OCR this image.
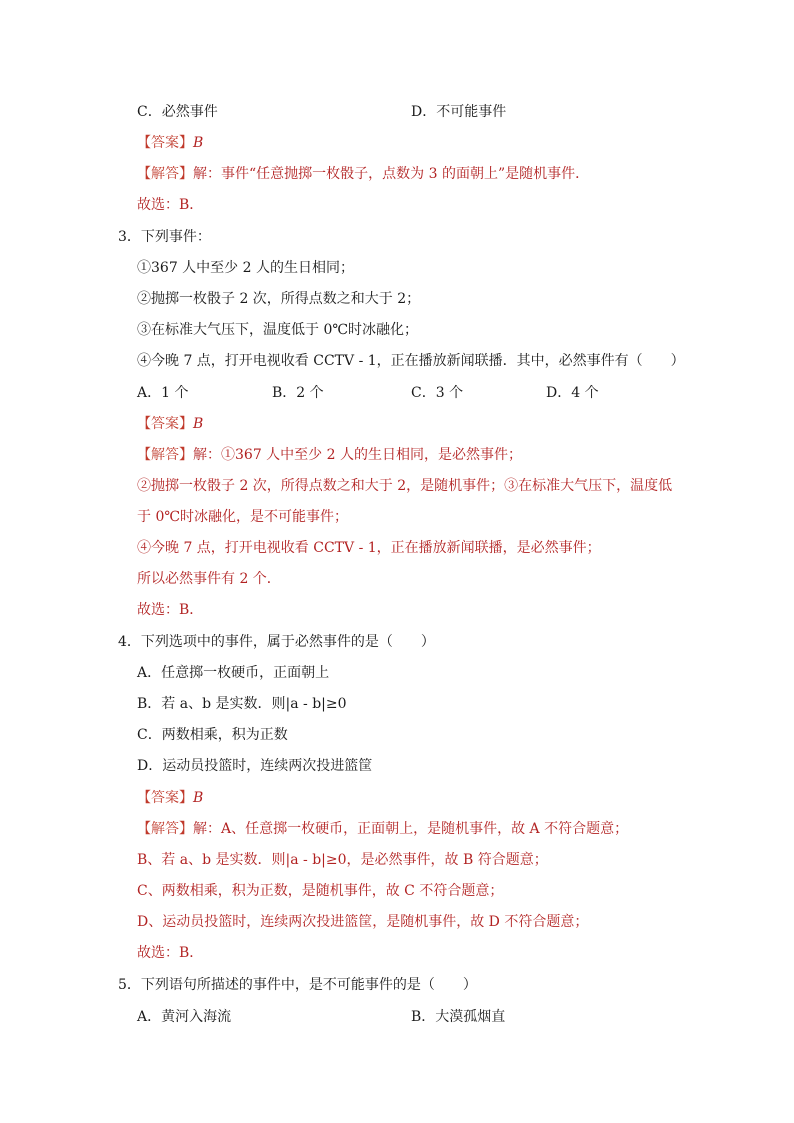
C．必然事件	D．不可能事件
【答案】B
【解答】解：事件“任意抛掷一枚骰子，点数为 3 的面朝上”是随机事件．
故选：B．
3．下列事件：
①367 人中至少 2 人的生日相同；
②抛掷一枚骰子 2 次，所得点数之和大于 2；
③在标准大气压下，温度低于 0℃时冰融化；
④今晚 7 点，打开电视收看 CCTV - 1，正在播放新闻联播．其中，必然事件有（　　）
A．1 个	B．2 个	C．3 个	D．4 个
【答案】B
【解答】解：①367 人中至少 2 人的生日相同，是必然事件；
②抛掷一枚骰子 2 次，所得点数之和大于 2，是随机事件；③在标准大气压下，温度低
于 0℃时冰融化，是不可能事件；
④今晚 7 点，打开电视收看 CCTV - 1，正在播放新闻联播，是必然事件；
所以必然事件有 2 个．
故选：B．
4．下列选项中的事件，属于必然事件的是（　　）
A．任意掷一枚硬币，正面朝上
B．若 a、b 是实数．则|a - b|≥0
C．两数相乘，积为正数
D．运动员投篮时，连续两次投进篮筐
【答案】B
【解答】解：A、任意掷一枚硬币，正面朝上，是随机事件，故 A 不符合题意；
B、若 a、b 是实数．则|a - b|≥0，是必然事件，故 B 符合题意；
C、两数相乘，积为正数，是随机事件，故 C 不符合题意；
D、运动员投篮时，连续两次投进篮筐，是随机事件，故 D 不符合题意；
故选：B．
5．下列语句所描述的事件中，是不可能事件的是（　　）
A．黄河入海流	B．大漠孤烟直
